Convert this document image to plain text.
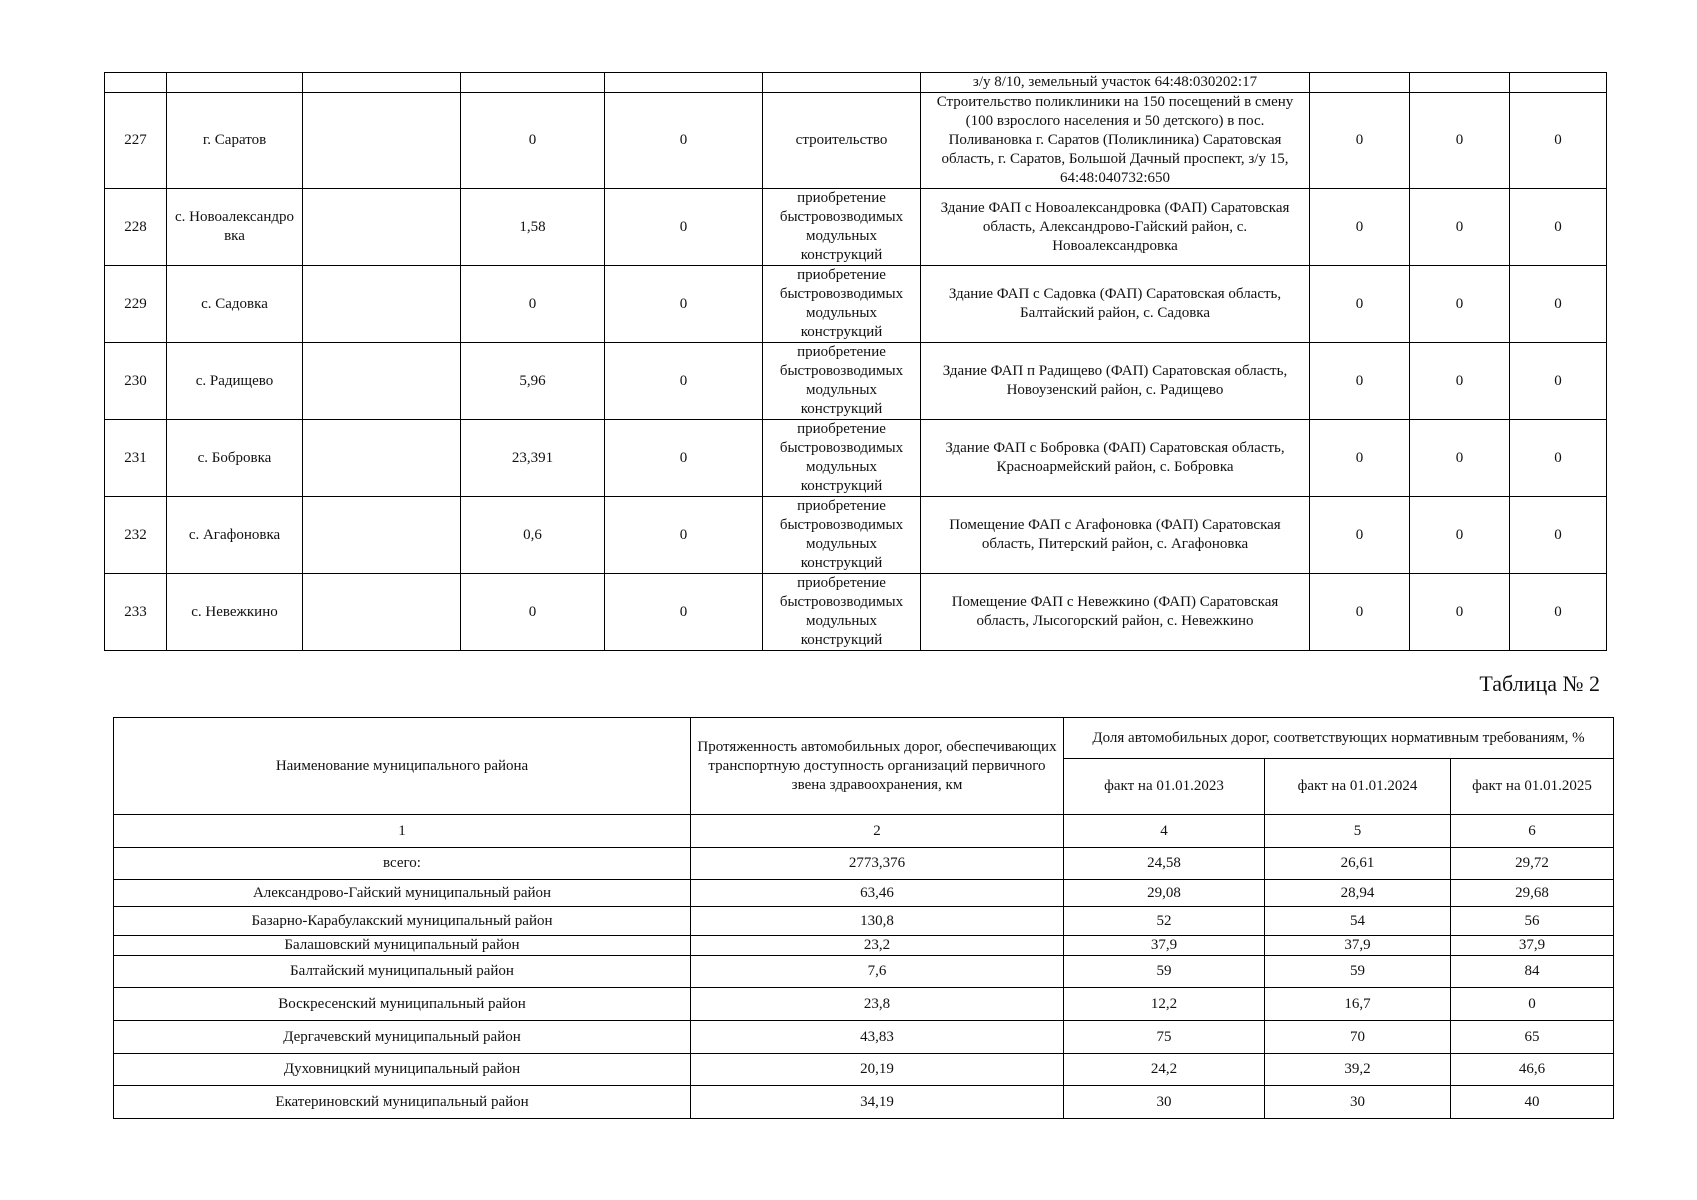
						з/у 8/10, земельный участок 64:48:030202:17			
227	г. Саратов		0	0	строительство	Строительство поликлиники на 150 посещений в смену (100 взрослого населения и 50 детского) в пос. Поливановка г. Саратов (Поликлиника) Саратовская область, г. Саратов, Большой Дачный проспект, з/у 15, 64:48:040732:650	0	0	0
228	с. Новоалександро вка		1,58	0	приобретение быстровозводимых модульных конструкций	Здание ФАП с Новоалександровка (ФАП) Саратовская область, Александрово-Гайский район, с. Новоалександровка	0	0	0
229	с. Садовка		0	0	приобретение быстровозводимых модульных конструкций	Здание ФАП с Садовка (ФАП) Саратовская область, Балтайский район, с. Садовка	0	0	0
230	с. Радищево		5,96	0	приобретение быстровозводимых модульных конструкций	Здание ФАП п Радищево (ФАП) Саратовская область, Новоузенский район, с. Радищево	0	0	0
231	с. Бобровка		23,391	0	приобретение быстровозводимых модульных конструкций	Здание ФАП с Бобровка (ФАП) Саратовская область, Красноармейский район, с. Бобровка	0	0	0
232	с. Агафоновка		0,6	0	приобретение быстровозводимых модульных конструкций	Помещение ФАП с Агафоновка (ФАП) Саратовская область, Питерский район, с. Агафоновка	0	0	0
233	с. Невежкино		0	0	приобретение быстровозводимых модульных конструкций	Помещение ФАП с Невежкино (ФАП) Саратовская область, Лысогорский район, с. Невежкино	0	0	0
Таблица № 2
Наименование муниципального района	Протяженность автомобильных дорог, обеспечивающих транспортную доступность организаций первичного звена здравоохранения, км	Доля автомобильных дорог, соответствующих нормативным требованиям, %		
		факт на 01.01.2023	факт на 01.01.2024	факт на 01.01.2025
1	2	4	5	6
всего:	2773,376	24,58	26,61	29,72
Александрово-Гайский муниципальный район	63,46	29,08	28,94	29,68
Базарно-Карабулакский муниципальный район	130,8	52	54	56
Балашовский муниципальный район	23,2	37,9	37,9	37,9
Балтайский муниципальный район	7,6	59	59	84
Воскресенский муниципальный район	23,8	12,2	16,7	0
Дергачевский муниципальный район	43,83	75	70	65
Духовницкий муниципальный район	20,19	24,2	39,2	46,6
Екатериновский муниципальный район	34,19	30	30	40
